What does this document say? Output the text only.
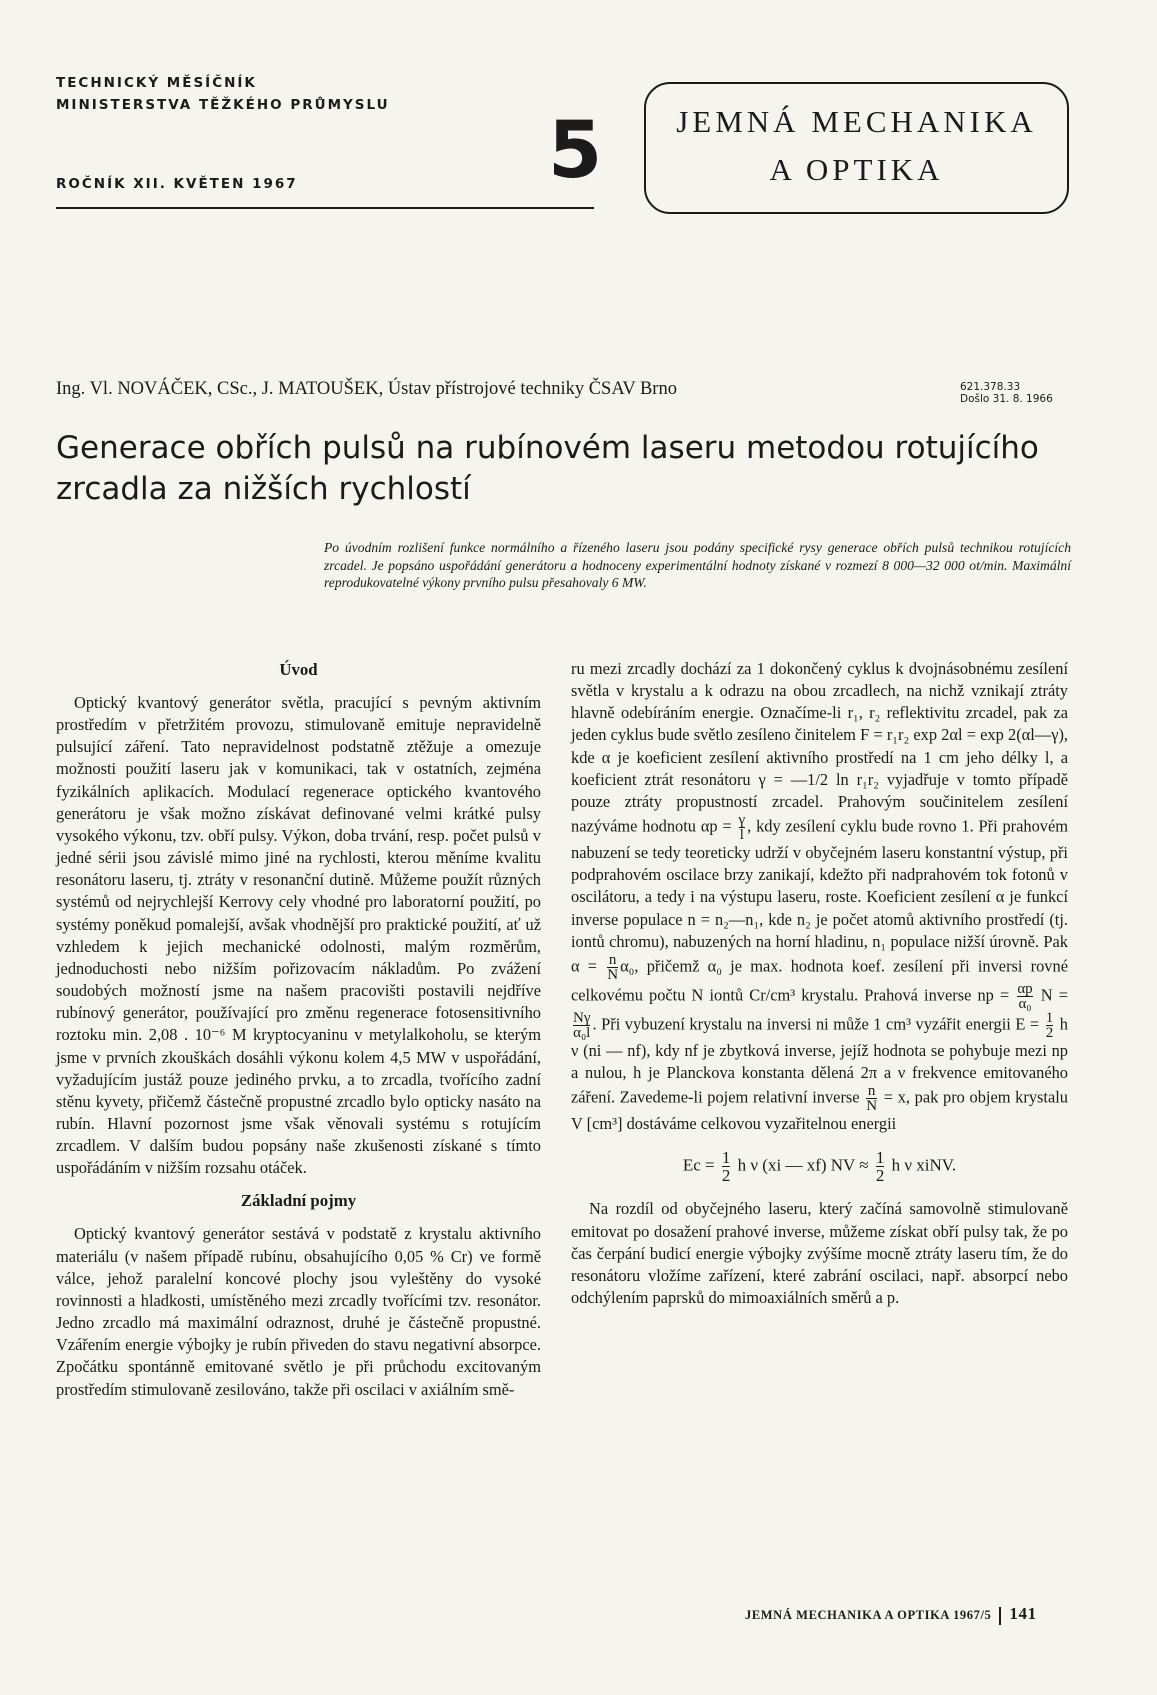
TECHNICKÝ MĚSÍČNÍK
MINISTERSTVA TĚŽKÉHO PRŮMYSLU
ROČNÍK XII. KVĚTEN 1967	5	JEMNÁ MECHANIKA
A OPTIKA
Ing. Vl. NOVÁČEK, CSc., J. MATOUŠEK, Ústav přístrojové techniky ČSAV Brno	621.378.33
Došlo 31. 8. 1966
Generace obřích pulsů na rubínovém laseru metodou rotujícího zrcadla za nižších rychlostí

Po úvodním rozlišení funkce normálního a řízeného laseru jsou podány specifické rysy generace obřích pulsů technikou rotujících zrcadel. Je popsáno uspořádání generátoru a hodnoceny experimentální hodnoty získané v rozmezí 8 000—32 000 ot/min. Maximální reprodukovatelné výkony prvního pulsu přesahovaly 6 MW.

Úvod

Optický kvantový generátor světla, pracující s pevným aktivním prostředím v přetržitém provozu, stimulovaně emituje nepravidelně pulsující záření. Tato nepravidelnost podstatně ztěžuje a omezuje možnosti použití laseru jak v komunikaci, tak v ostatních, zejména fyzikálních aplikacích. Modulací regenerace optického kvantového generátoru je však možno získávat definované velmi krátké pulsy vysokého výkonu, tzv. obří pulsy. Výkon, doba trvání, resp. počet pulsů v jedné sérii jsou závislé mimo jiné na rychlosti, kterou měníme kvalitu resonátoru laseru, tj. ztráty v resonanční dutině. Můžeme použít různých systémů od nejrychlejší Kerrovy cely vhodné pro laboratorní použití, po systémy poněkud pomalejší, avšak vhodnější pro praktické použití, ať už vzhledem k jejich mechanické odolnosti, malým rozměrům, jednoduchosti nebo nižším pořizovacím nákladům. Po zvážení soudobých možností jsme na našem pracovišti postavili nejdříve rubínový generátor, používající pro změnu regenerace fotosensitivního roztoku min. 2,08 . 10⁻⁶ M kryptocyaninu v metylalkoholu, se kterým jsme v prvních zkouškách dosáhli výkonu kolem 4,5 MW v uspořádání, vyžadujícím justáž pouze jediného prvku, a to zrcadla, tvořícího zadní stěnu kyvety, přičemž částečně propustné zrcadlo bylo opticky nasáto na rubín. Hlavní pozornost jsme však věnovali systému s rotujícím zrcadlem. V dalším budou popsány naše zkušenosti získané s tímto uspořádáním v nižším rozsahu otáček.

Základní pojmy

Optický kvantový generátor sestává v podstatě z krystalu aktivního materiálu (v našem případě rubínu, obsahujícího 0,05 % Cr) ve formě válce, jehož paralelní koncové plochy jsou vyleštěny do vysoké rovinnosti a hladkosti, umístěného mezi zrcadly tvořícími tzv. resonátor. Jedno zrcadlo má maximální odraznost, druhé je částečně propustné. Vzářením energie výbojky je rubín přiveden do stavu negativní absorpce. Zpočátku spontánně emitované světlo je při průchodu excitovaným prostředím stimulovaně zesilováno, takže při oscilaci v axiálním smě-

ru mezi zrcadly dochází za 1 dokončený cyklus k dvojnásobnému zesílení světla v krystalu a k odrazu na obou zrcadlech, na nichž vznikají ztráty hlavně odebíráním energie. Označíme-li r₁, r₂ reflektivitu zrcadel, pak za jeden cyklus bude světlo zesíleno činitelem F = r₁r₂ exp 2αl = exp 2(αl—γ), kde α je koeficient zesílení aktivního prostředí na 1 cm jeho délky l, a koeficient ztrát resonátoru γ = —1/2 ln r₁r₂ vyjadřuje v tomto případě pouze ztráty propustností zrcadel. Prahovým součinitelem zesílení nazýváme hodnotu $\alpha p = \frac{\gamma}{l}$ , kdy zesílení cyklu bude rovno 1. Při prahovém nabuzení se tedy teoreticky udrží v obyčejném laseru konstantní výstup, při podprahovém oscilace brzy zanikají, kdežto při nadprahovém tok fotonů v oscilátoru, a tedy i na výstupu laseru, roste. Koeficient zesílení α je funkcí inverse populace n = n₂—n₁, kde n₂ je počet atomů aktivního prostředí (tj. iontů chromu), nabuzených na horní hladinu, n₁ populace nižší úrovně. Pak $\alpha = \frac{n}{N} \alpha_0$, přičemž α₀ je max. hodnota koef. zesílení při inversi rovné celkovému počtu N iontů Cr/cm³ krystalu. Prahová inverse np = $\frac{\alpha p}{\text{α₀}}$ N =
$\frac{N\gamma}{\text{α₀l}}$ . Při vybuzení krystalu na inversi ni může 1 cm³ vyzářit energii $E = \frac{1}{2}$ h ν (ni — nf), kdy nf je zbytková inverse, jejíž hodnota se pohybuje mezi np a nulou, h je Planckova konstanta dělená 2π a ν frekvence emitovaného záření. Zavedeme-li pojem relativní inverse $\frac{n}{N} = x$, pak pro objem krystalu V [cm³] dostáváme celkovou vyzařitelnou energii

$Ec = \frac{1}{2}$ h ν (xi — xf) NV ≈ $\frac{1}{2}$ h ν xiNV.

Na rozdíl od obyčejného laseru, který začíná samovolně stimulovaně emitovat po dosažení prahové inverse, můžeme získat obří pulsy tak, že po čas čerpání budicí energie výbojky zvýšíme mocně ztráty laseru tím, že do resonátoru vložíme zařízení, které zabrání oscilaci, např. absorpcí nebo odchýlením paprsků do mimoaxiálních směrů a p.

JEMNÁ MECHANIKA A OPTIKA 1967/5 141
